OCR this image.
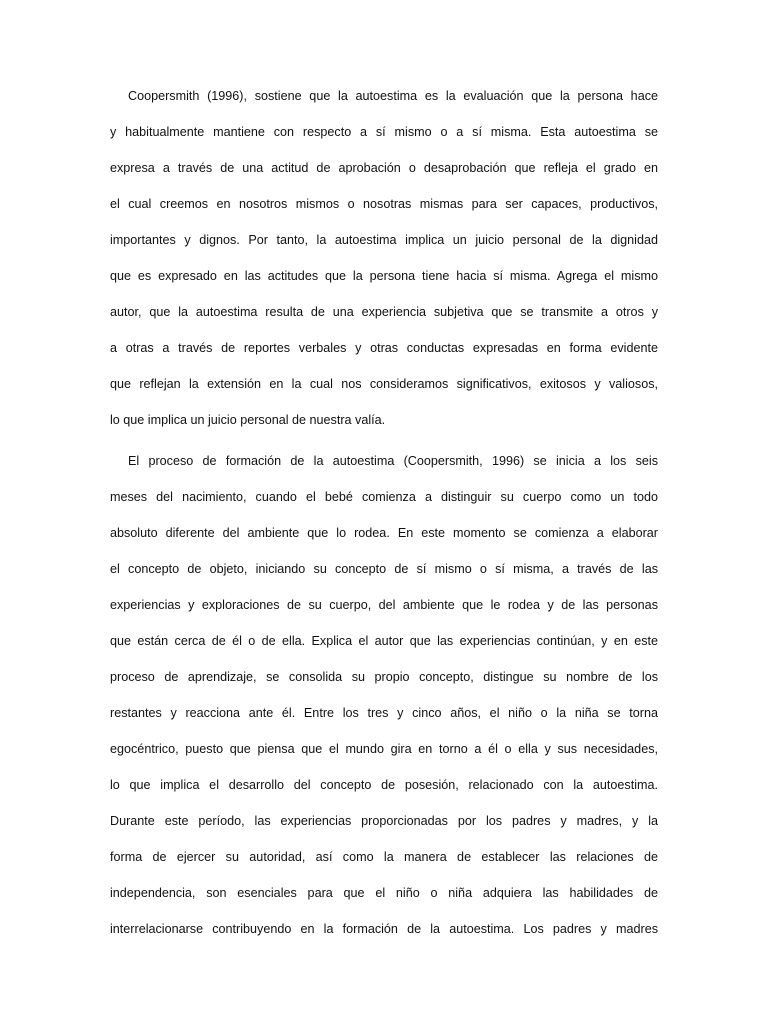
Coopersmith (1996), sostiene que la autoestima es la evaluación que la persona hace
y habitualmente mantiene con respecto a sí mismo o a sí misma. Esta autoestima se
expresa a través de una actitud de aprobación o desaprobación que refleja el grado en
el cual creemos en nosotros mismos o nosotras mismas para ser capaces, productivos,
importantes y dignos. Por tanto, la autoestima implica un juicio personal de la dignidad
que es expresado en las actitudes que la persona tiene hacia sí misma. Agrega el mismo
autor, que la autoestima resulta de una experiencia subjetiva que se transmite a otros y
a otras a través de reportes verbales y otras conductas expresadas en forma evidente
que reflejan la extensión en la cual nos consideramos significativos, exitosos y valiosos,
lo que implica un juicio personal de nuestra valía.
El proceso de formación de la autoestima (Coopersmith, 1996) se inicia a los seis
meses del nacimiento, cuando el bebé comienza a distinguir su cuerpo como un todo
absoluto diferente del ambiente que lo rodea. En este momento se comienza a elaborar
el concepto de objeto, iniciando su concepto de sí mismo o sí misma, a través de las
experiencias y exploraciones de su cuerpo, del ambiente que le rodea y de las personas
que están cerca de él o de ella. Explica el autor que las experiencias continúan, y en este
proceso de aprendizaje, se consolida su propio concepto, distingue su nombre de los
restantes y reacciona ante él. Entre los tres y cinco años, el niño o la niña se torna
egocéntrico, puesto que piensa que el mundo gira en torno a él o ella y sus necesidades,
lo que implica el desarrollo del concepto de posesión, relacionado con la autoestima.
Durante este período, las experiencias proporcionadas por los padres y madres, y la
forma de ejercer su autoridad, así como la manera de establecer las relaciones de
independencia, son esenciales para que el niño o niña adquiera las habilidades de
interrelacionarse contribuyendo en la formación de la autoestima. Los padres y madres
